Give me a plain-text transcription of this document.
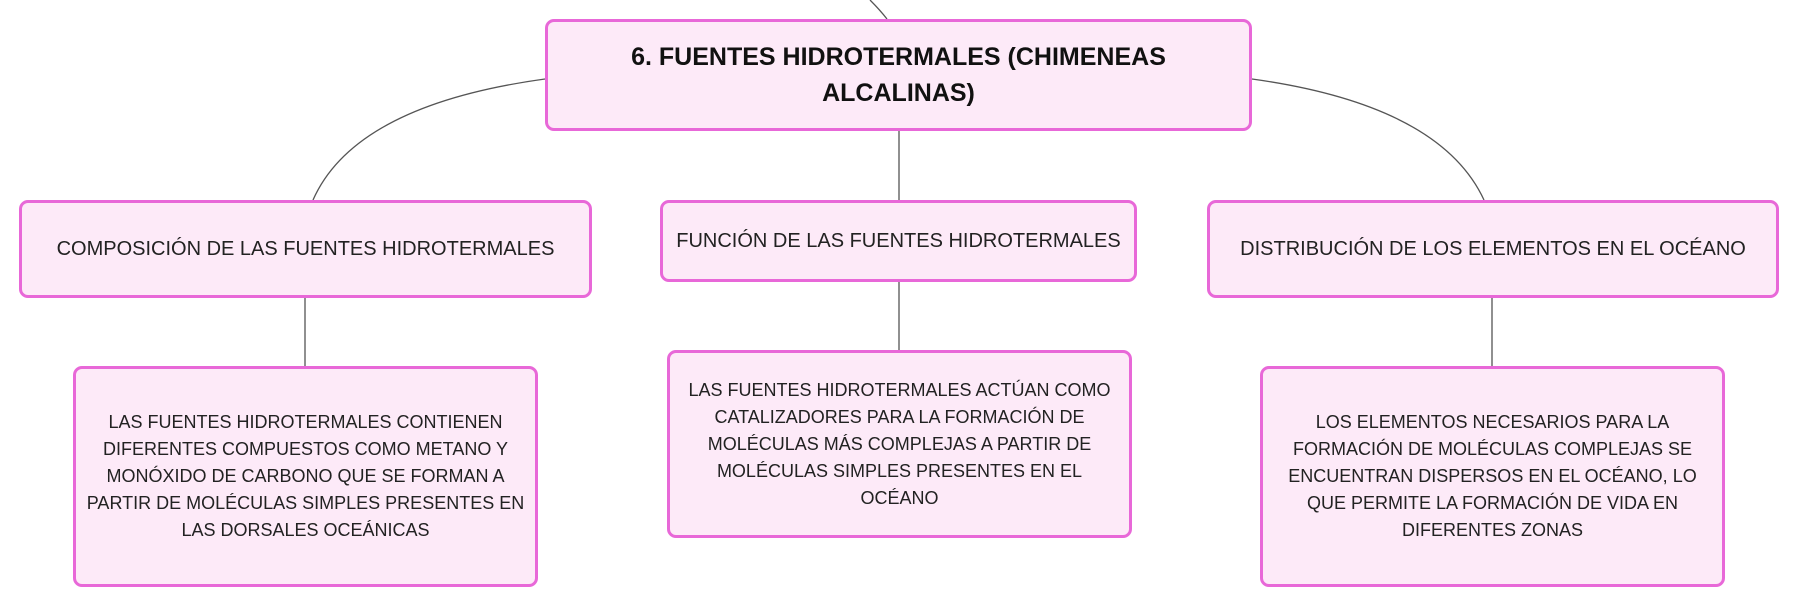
6. FUENTES HIDROTERMALES (CHIMENEAS ALCALINAS)
COMPOSICIÓN DE LAS FUENTES HIDROTERMALES	FUNCIÓN DE LAS FUENTES HIDROTERMALES	DISTRIBUCIÓN DE LOS ELEMENTOS EN EL OCÉANO
LAS FUENTES HIDROTERMALES CONTIENEN DIFERENTES COMPUESTOS COMO METANO Y MONÓXIDO DE CARBONO QUE SE FORMAN A PARTIR DE MOLÉCULAS SIMPLES PRESENTES EN LAS DORSALES OCEÁNICAS
LAS FUENTES HIDROTERMALES ACTÚAN COMO CATALIZADORES PARA LA FORMACIÓN DE MOLÉCULAS MÁS COMPLEJAS A PARTIR DE MOLÉCULAS SIMPLES PRESENTES EN EL OCÉANO
LOS ELEMENTOS NECESARIOS PARA LA FORMACIÓN DE MOLÉCULAS COMPLEJAS SE ENCUENTRAN DISPERSOS EN EL OCÉANO, LO QUE PERMITE LA FORMACIÓN DE VIDA EN DIFERENTES ZONAS
